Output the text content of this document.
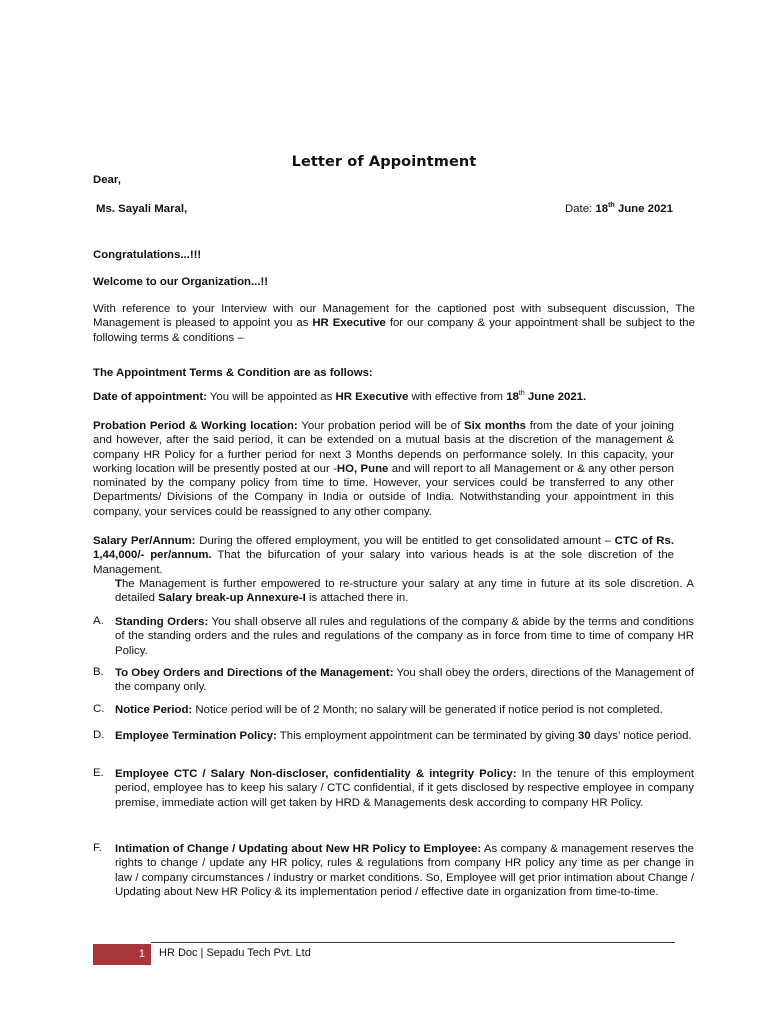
Letter of Appointment
Dear,
Ms. Sayali Maral,	Date: 18th June 2021
Congratulations...!!!
Welcome to our Organization...!!
With reference to your Interview with our Management for the captioned post with subsequent discussion, The Management is pleased to appoint you as HR Executive for our company & your appointment shall be subject to the following terms & conditions –
The Appointment Terms & Condition are as follows:
Date of appointment: You will be appointed as HR Executive with effective from 18th June 2021.
Probation Period & Working location: Your probation period will be of Six months from the date of your joining and however, after the said period, it can be extended on a mutual basis at the discretion of the management & company HR Policy for a further period for next 3 Months depends on performance solely. In this capacity, your working location will be presently posted at our -HO, Pune and will report to all Management or & any other person nominated by the company policy from time to time. However, your services could be transferred to any other Departments/ Divisions of the Company in India or outside of India. Notwithstanding your appointment in this company, your services could be reassigned to any other company.
Salary Per/Annum: During the offered employment, you will be entitled to get consolidated amount – CTC of Rs. 1,44,000/- per/annum. That the bifurcation of your salary into various heads is at the sole discretion of the Management.
The Management is further empowered to re-structure your salary at any time in future at its sole discretion. A detailed Salary break-up Annexure-I is attached there in.
A. Standing Orders: You shall observe all rules and regulations of the company & abide by the terms and conditions of the standing orders and the rules and regulations of the company as in force from time to time of company HR Policy.
B. To Obey Orders and Directions of the Management: You shall obey the orders, directions of the Management of the company only.
C. Notice Period: Notice period will be of 2 Month; no salary will be generated if notice period is not completed.
D. Employee Termination Policy: This employment appointment can be terminated by giving 30 days’ notice period.
E. Employee CTC / Salary Non-discloser, confidentiality & integrity Policy: In the tenure of this employment period, employee has to keep his salary / CTC confidential, if it gets disclosed by respective employee in company premise, immediate action will get taken by HRD & Managements desk according to company HR Policy.
F. Intimation of Change / Updating about New HR Policy to Employee: As company & management reserves the rights to change / update any HR policy, rules & regulations from company HR policy any time as per change in law / company circumstances / industry or market conditions. So, Employee will get prior intimation about Change / Updating about New HR Policy & its implementation period / effective date in organization from time-to-time.
1	HR Doc | Sepadu Tech Pvt. Ltd
